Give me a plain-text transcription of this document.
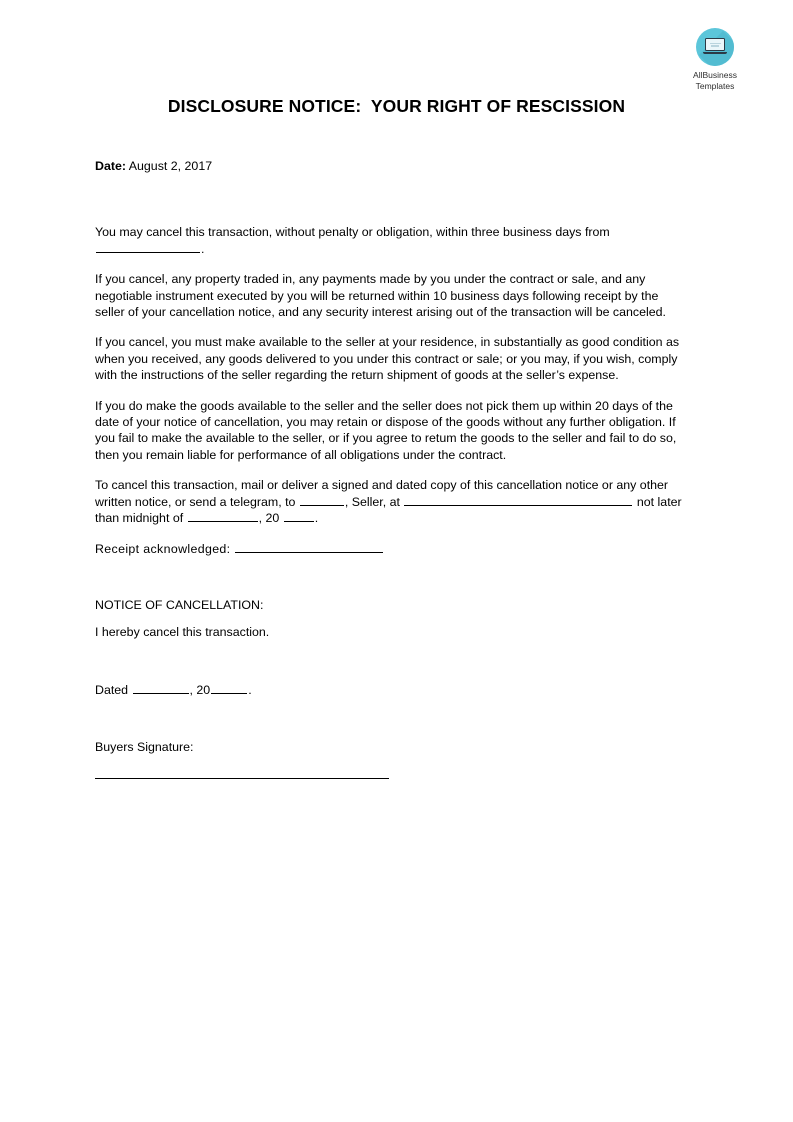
AllBusiness
Templates
DISCLOSURE NOTICE:  YOUR RIGHT OF RESCISSION
Date: August 2, 2017

You may cancel this transaction, without penalty or obligation, within three business days from .

If you cancel, any property traded in, any payments made by you under the contract or sale, and any negotiable instrument executed by you will be returned within 10 business days following receipt by the seller of your cancellation notice, and any security interest arising out of the transaction will be canceled.

If you cancel, you must make available to the seller at your residence, in substantially as good condition as when you received, any goods delivered to you under this contract or sale; or you may, if you wish, comply with the instructions of the seller regarding the return shipment of goods at the seller’s expense.

If you do make the goods available to the seller and the seller does not pick them up within 20 days of the date of your notice of cancellation, you may retain or dispose of the goods without any further obligation. If you fail to make the available to the seller, or if you agree to retum the goods to the seller and fail to do so, then you remain liable for performance of all obligations under the contract.

To cancel this transaction, mail or deliver a signed and dated copy of this cancellation notice or any other written notice, or send a telegram, to	, Seller, at	not later than midnight of	, 20	.

Receipt acknowledged:

NOTICE OF CANCELLATION:

I hereby cancel this transaction.

Dated	, 20	.

Buyers Signature:
